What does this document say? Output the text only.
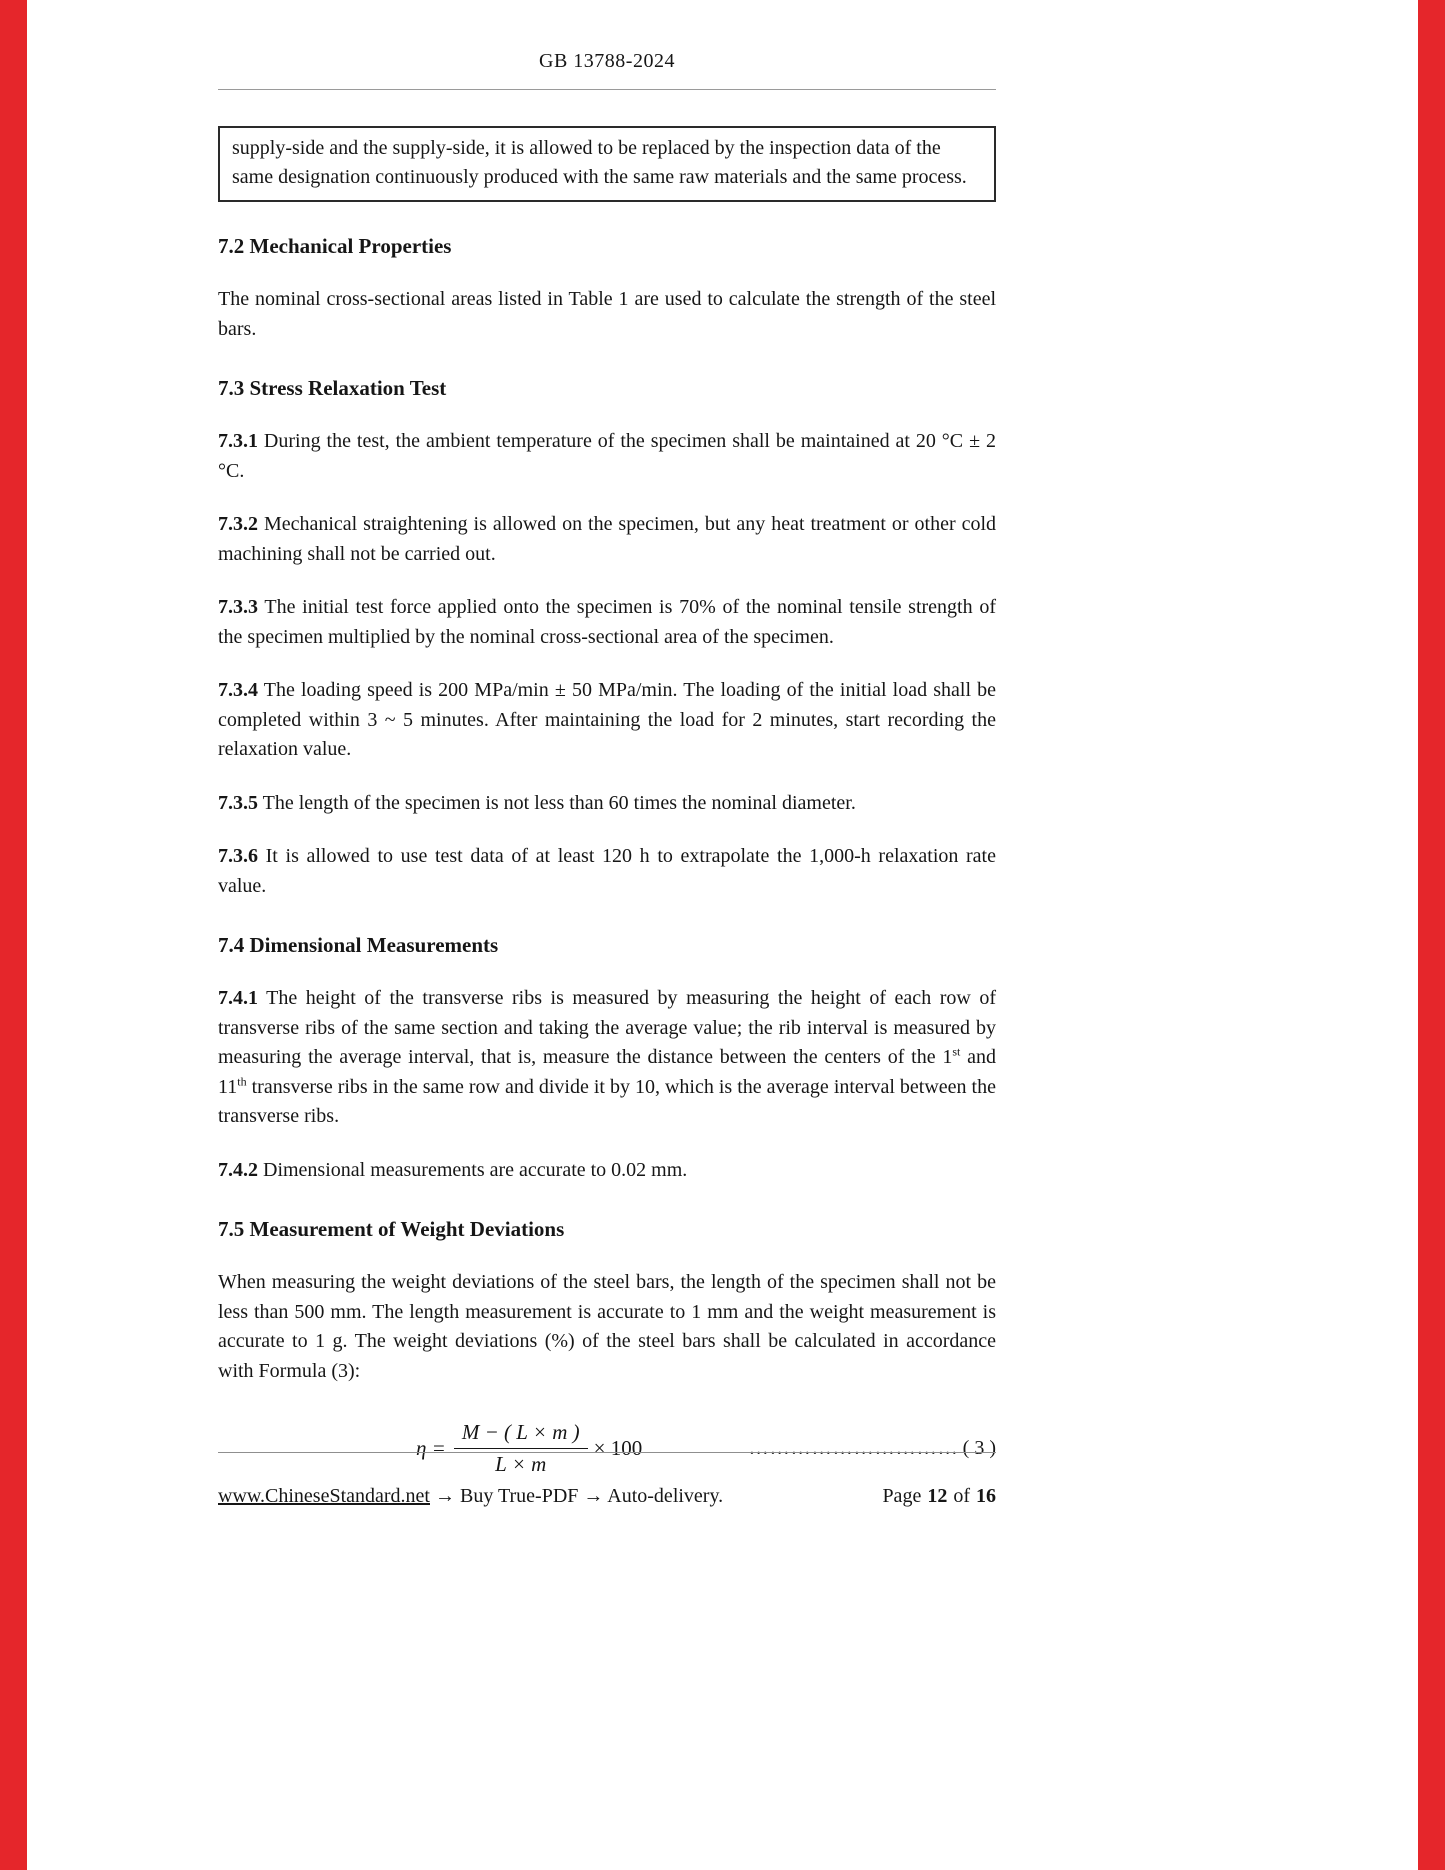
GB 13788-2024
supply-side and the supply-side, it is allowed to be replaced by the inspection data of the same designation continuously produced with the same raw materials and the same process.
7.2 Mechanical Properties

The nominal cross-sectional areas listed in Table 1 are used to calculate the strength of the steel bars.

7.3 Stress Relaxation Test

7.3.1 During the test, the ambient temperature of the specimen shall be maintained at 20 °C ± 2 °C.

7.3.2 Mechanical straightening is allowed on the specimen, but any heat treatment or other cold machining shall not be carried out.

7.3.3 The initial test force applied onto the specimen is 70% of the nominal tensile strength of the specimen multiplied by the nominal cross-sectional area of the specimen.

7.3.4 The loading speed is 200 MPa/min ± 50 MPa/min. The loading of the initial load shall be completed within 3 ~ 5 minutes. After maintaining the load for 2 minutes, start recording the relaxation value.

7.3.5 The length of the specimen is not less than 60 times the nominal diameter.

7.3.6 It is allowed to use test data of at least 120 h to extrapolate the 1,000-h relaxation rate value.

7.4 Dimensional Measurements

7.4.1 The height of the transverse ribs is measured by measuring the height of each row of transverse ribs of the same section and taking the average value; the rib interval is measured by measuring the average interval, that is, measure the distance between the centers of the 1st and 11th transverse ribs in the same row and divide it by 10, which is the average interval between the transverse ribs.

7.4.2 Dimensional measurements are accurate to 0.02 mm.

7.5 Measurement of Weight Deviations

When measuring the weight deviations of the steel bars, the length of the specimen shall not be less than 500 mm. The length measurement is accurate to 1 mm and the weight measurement is accurate to 1 g. The weight deviations (%) of the steel bars shall be calculated in accordance with Formula (3):

$\eta = \frac{M - ( L \times m )}{L \times m} \times 100$	………………………… ( 3 )
www.ChineseStandard.net → Buy True-PDF → Auto-delivery.	Page 12 of 16
